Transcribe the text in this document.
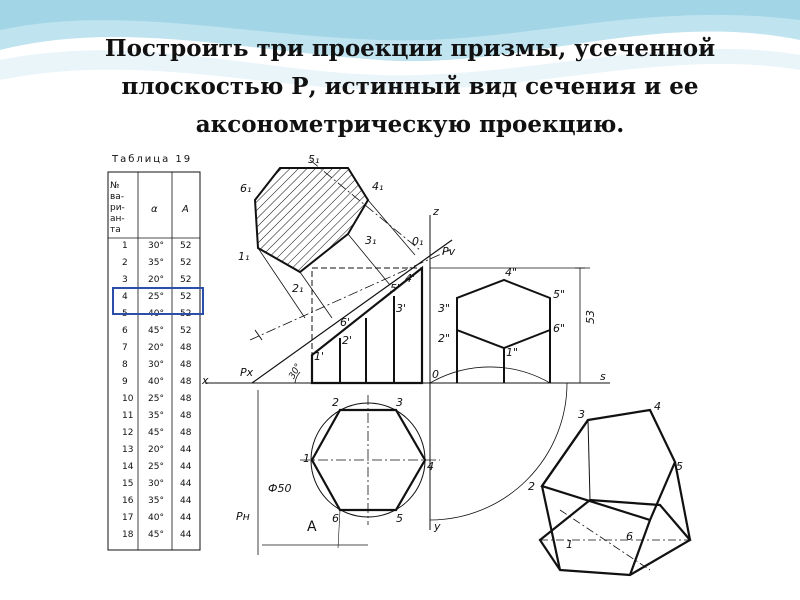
Построить три проекции призмы, усеченной
плоскостью Р, истинный вид сечения и ее
аксонометрическую проекцию.
Таблица 19
№
ва-
ри-
ан-
та
α A
1 30° 52
2 35° 52
3 20° 52
4 25° 52
5 40° 52
6 45° 52
7 20° 48
8 30° 48
9 40° 48
10 25° 48
11 35° 48
12 45° 48
13 20° 44
14 25° 44
15 30° 44
16 35° 44
17 40° 44
18 45° 44
5₁
4₁
6₁
3₁
1₁
2₁
0₁
Pv
z
x
Px	0	s
y
Pн
1'
2'
6'
3'
5'
4'	4"
5"
3"
6"
2"
1"
53
30°
Ф50
1
2	3
4
5
6
3
4
5
2
1
6
A
